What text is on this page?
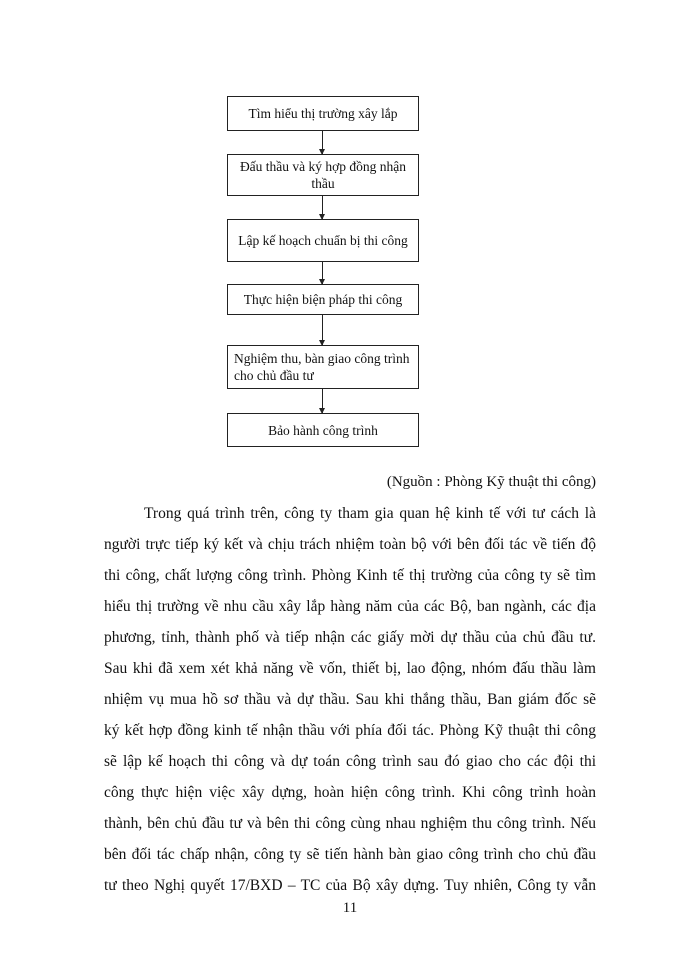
Tìm hiểu thị trường xây lắp
Đấu thầu và ký hợp đồng nhận thầu
Lập kế hoạch chuẩn bị thi công
Thực hiện biện pháp thi công
Nghiệm thu, bàn giao công trình cho chủ đầu tư
Bảo hành công trình
(Nguồn : Phòng Kỹ thuật thi công)
Trong quá trình trên, công ty tham gia quan hệ kinh tế với tư cách là
người trực tiếp ký kết và chịu trách nhiệm toàn bộ với bên đối tác về tiến độ
thi công, chất lượng công trình. Phòng Kinh tế thị trường của công ty sẽ tìm
hiểu thị trường về nhu cầu xây lắp hàng năm của các Bộ, ban ngành, các địa
phương, tỉnh, thành phố và tiếp nhận các giấy mời dự thầu của chủ đầu tư.
Sau khi đã xem xét khả năng về vốn, thiết bị, lao động, nhóm đấu thầu làm
nhiệm vụ mua hồ sơ thầu và dự thầu. Sau khi thắng thầu, Ban giám đốc sẽ
ký kết hợp đồng kinh tế nhận thầu với phía đối tác. Phòng Kỹ thuật thi công
sẽ lập kế hoạch thi công và dự toán công trình sau đó giao cho các đội thi
công thực hiện việc xây dựng, hoàn hiện công trình. Khi công trình hoàn
thành, bên chủ đầu tư và bên thi công cùng nhau nghiệm thu công trình. Nếu
bên đối tác chấp nhận, công ty sẽ tiến hành bàn giao công trình cho chủ đầu
tư theo Nghị quyết 17/BXD – TC của Bộ xây dựng. Tuy nhiên, Công ty vẫn
11
